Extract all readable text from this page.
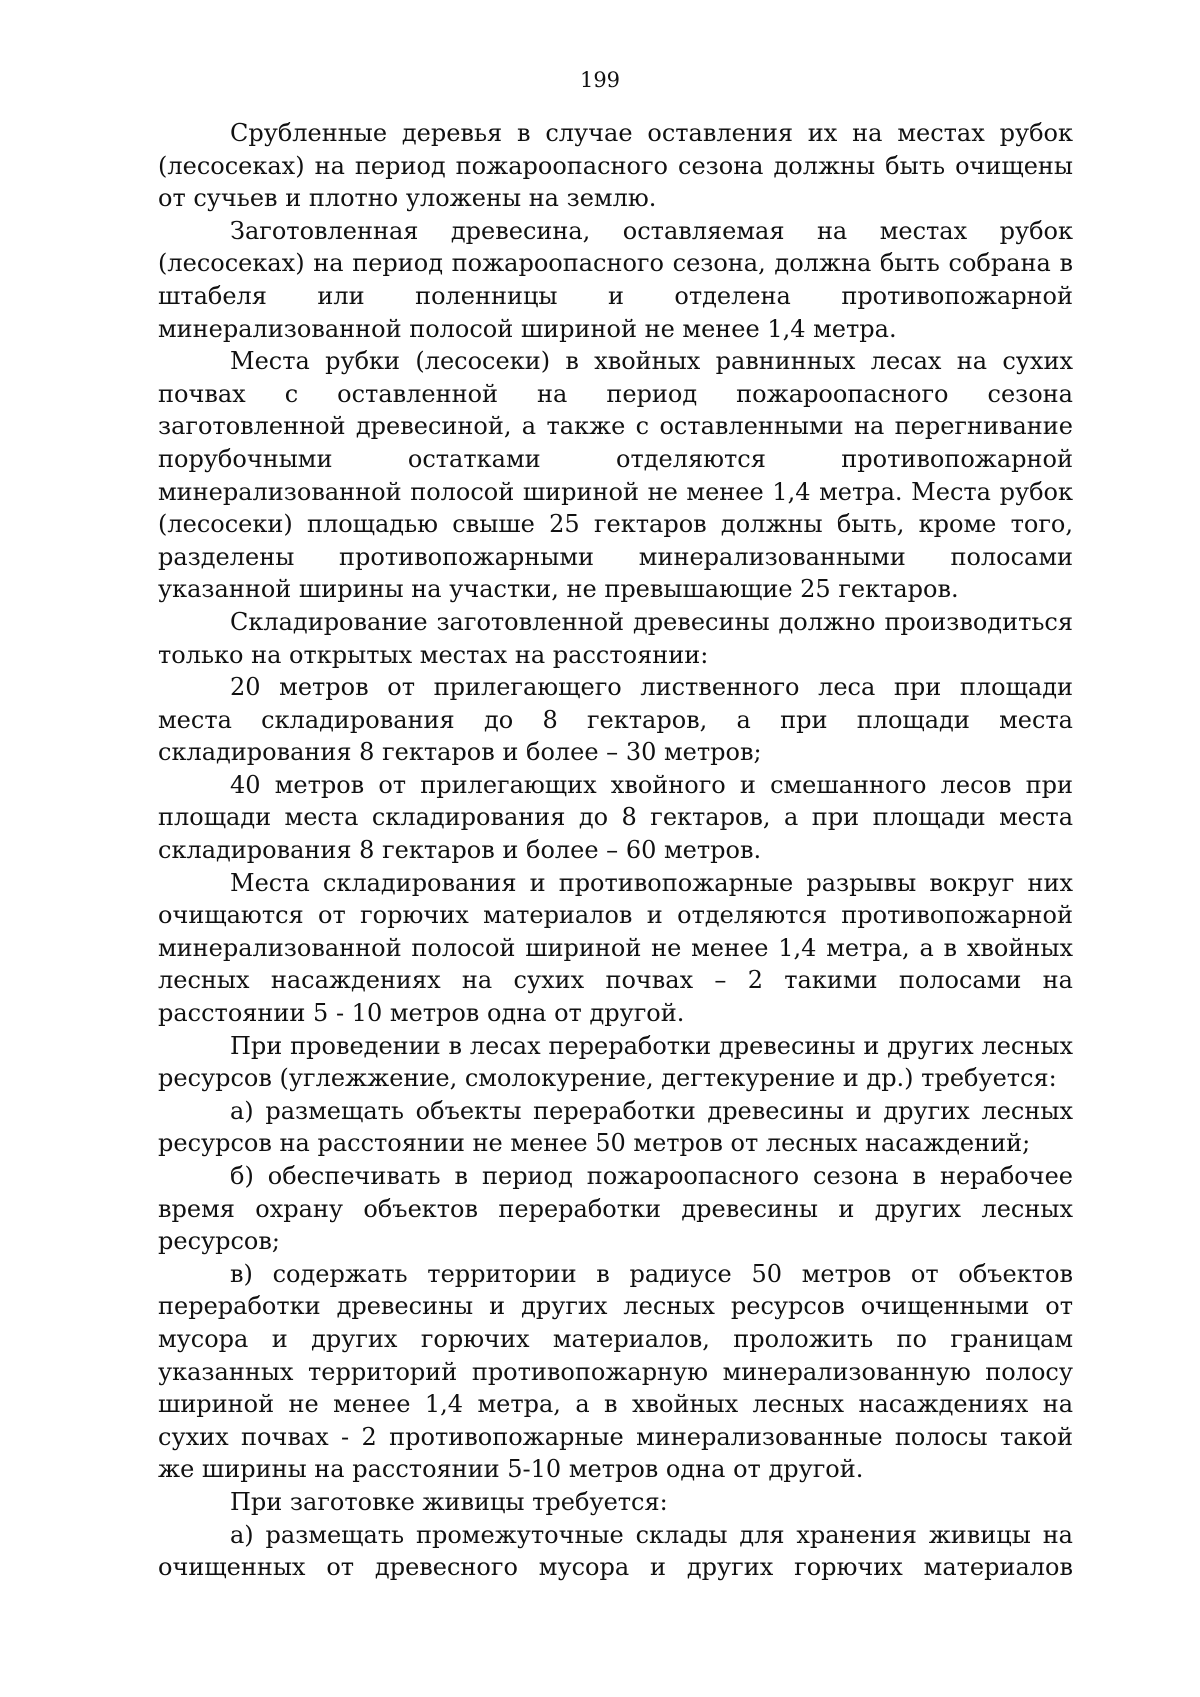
199

Срубленные деревья в случае оставления их на местах рубок (лесосеках) на период пожароопасного сезона должны быть очищены от сучьев и плотно уложены на землю.

Заготовленная древесина, оставляемая на местах рубок (лесосеках) на период пожароопасного сезона, должна быть собрана в штабеля или поленницы и отделена противопожарной минерализованной полосой шириной не менее 1,4 метра.

Места рубки (лесосеки) в хвойных равнинных лесах на сухих почвах с оставленной на период пожароопасного сезона заготовленной древесиной, а также с оставленными на перегнивание порубочными остатками отделяются противопожарной минерализованной полосой шириной не менее 1,4 метра. Места рубок (лесосеки) площадью свыше 25 гектаров должны быть, кроме того, разделены противопожарными минерализованными полосами указанной ширины на участки, не превышающие 25 гектаров.

Складирование заготовленной древесины должно производиться только на открытых местах на расстоянии:

20 метров от прилегающего лиственного леса при площади места складирования до 8 гектаров, а при площади места складирования 8 гектаров и более – 30 метров;

40 метров от прилегающих хвойного и смешанного лесов при площади места складирования до 8 гектаров, а при площади места складирования 8 гектаров и более – 60 метров.

Места складирования и противопожарные разрывы вокруг них очищаются от горючих материалов и отделяются противопожарной минерализованной полосой шириной не менее 1,4 метра, а в хвойных лесных насаждениях на сухих почвах – 2 такими полосами на расстоянии 5 - 10 метров одна от другой.

При проведении в лесах переработки древесины и других лесных ресурсов (углежжение, смолокурение, дегтекурение и др.) требуется:

а) размещать объекты переработки древесины и других лесных ресурсов на расстоянии не менее 50 метров от лесных насаждений;

б) обеспечивать в период пожароопасного сезона в нерабочее время охрану объектов переработки древесины и других лесных ресурсов;

в) содержать территории в радиусе 50 метров от объектов переработки древесины и других лесных ресурсов очищенными от мусора и других горючих материалов, проложить по границам указанных территорий противопожарную минерализованную полосу шириной не менее 1,4 метра, а в хвойных лесных насаждениях на сухих почвах - 2 противопожарные минерализованные полосы такой же ширины на расстоянии 5-10 метров одна от другой.

При заготовке живицы требуется:

а) размещать промежуточные склады для хранения живицы на очищенных от древесного мусора и других горючих материалов
